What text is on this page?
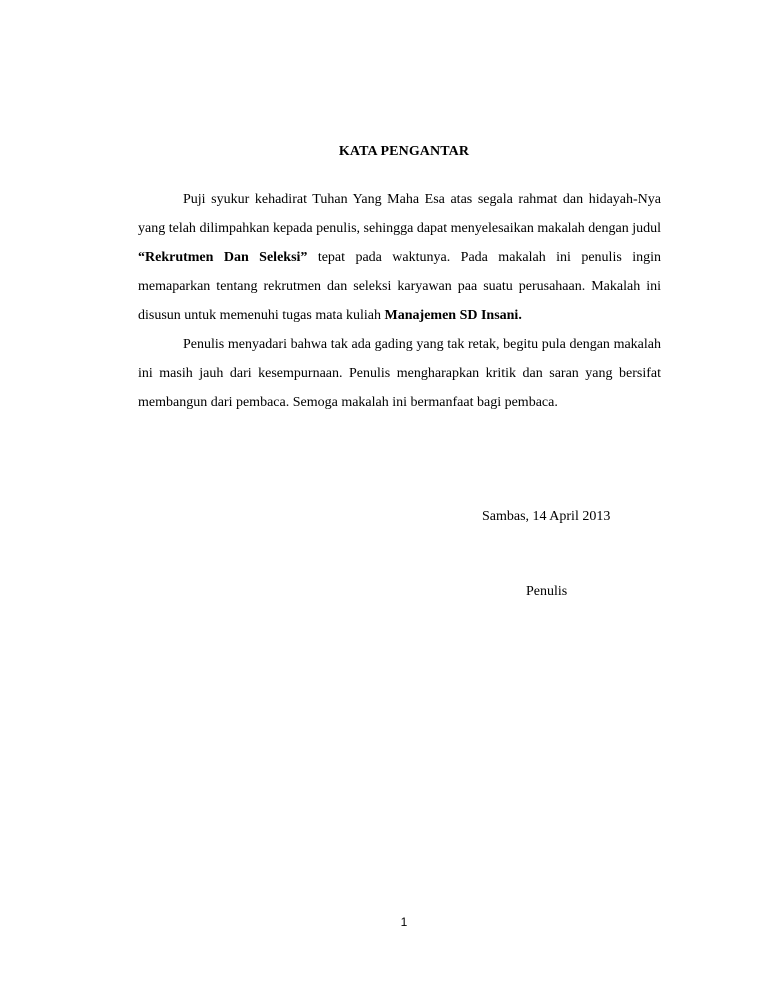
KATA PENGANTAR

Puji syukur kehadirat Tuhan Yang Maha Esa atas segala rahmat dan hidayah-Nya yang telah dilimpahkan kepada penulis, sehingga dapat menyelesaikan makalah dengan judul “Rekrutmen Dan Seleksi” tepat pada waktunya. Pada makalah ini penulis ingin memaparkan tentang rekrutmen dan seleksi karyawan paa suatu perusahaan. Makalah ini disusun untuk memenuhi tugas mata kuliah Manajemen SD Insani.

Penulis menyadari bahwa tak ada gading yang tak retak, begitu pula dengan makalah ini masih jauh dari kesempurnaan. Penulis mengharapkan kritik dan saran yang bersifat membangun dari pembaca. Semoga makalah ini bermanfaat bagi pembaca.

Sambas, 14 April 2013
Penulis
1
